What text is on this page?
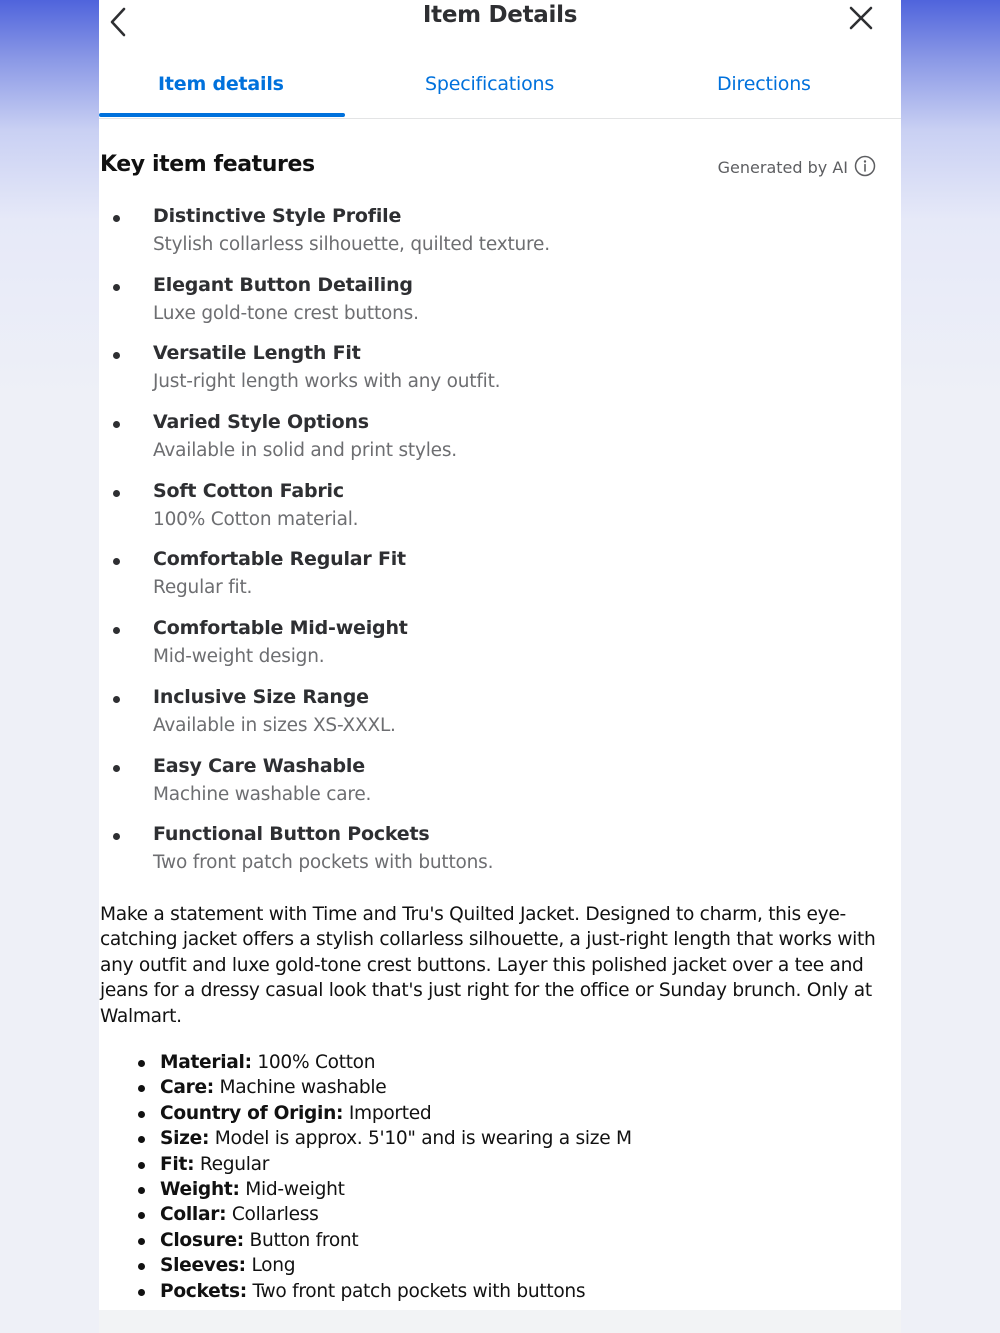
Item Details
Item details	Specifications	Directions
Key item features	Generated by AI
Distinctive Style Profile
Stylish collarless silhouette, quilted texture.
Elegant Button Detailing
Luxe gold-tone crest buttons.
Versatile Length Fit
Just-right length works with any outfit.
Varied Style Options
Available in solid and print styles.
Soft Cotton Fabric
100% Cotton material.
Comfortable Regular Fit
Regular fit.
Comfortable Mid-weight
Mid-weight design.
Inclusive Size Range
Available in sizes XS-XXXL.
Easy Care Washable
Machine washable care.
Functional Button Pockets
Two front patch pockets with buttons.

Make a statement with Time and Tru's Quilted Jacket. Designed to charm, this eye-catching jacket offers a stylish collarless silhouette, a just-right length that works with any outfit and luxe gold-tone crest buttons. Layer this polished jacket over a tee and jeans for a dressy casual look that's just right for the office or Sunday brunch. Only at Walmart.

Material: 100% Cotton
Care: Machine washable
Country of Origin: Imported
Size: Model is approx. 5'10" and is wearing a size M
Fit: Regular
Weight: Mid-weight
Collar: Collarless
Closure: Button front
Sleeves: Long
Pockets: Two front patch pockets with buttons
